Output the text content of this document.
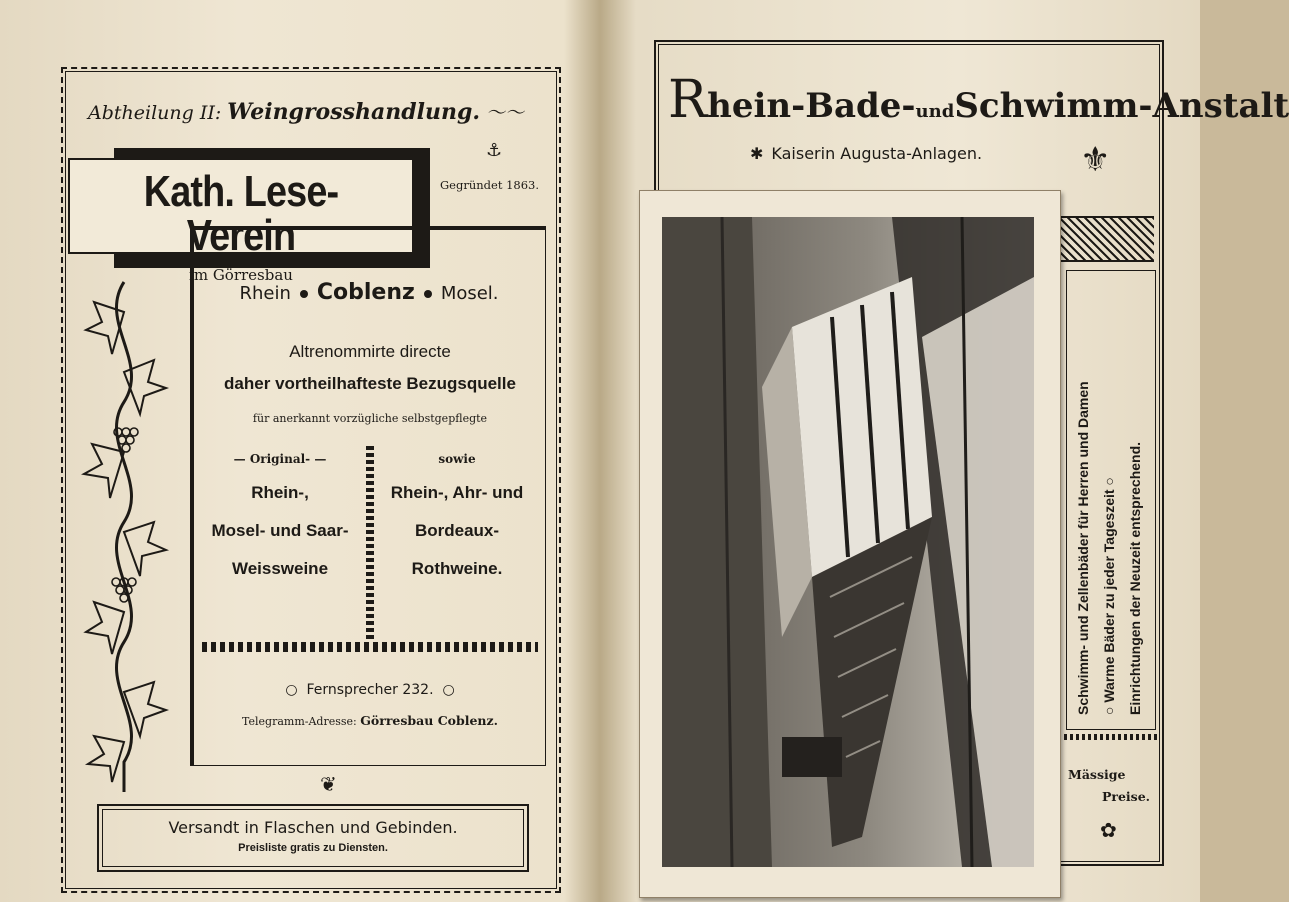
Abtheilung II: Weingrosshandlung. 〜〜
Kath. Lese-Verein
im Görresbau
⚓
Gegründet 1863.
Rhein Coblenz Mosel.
Altrenommirte directe
daher vortheilhafteste Bezugsquelle
für anerkannt vorzügliche selbstgepflegte
— Original- —
Rhein-,
Mosel- und Saar-
Weissweine
sowie
Rhein-, Ahr- und
Bordeaux-
Rothweine.
○ Fernsprecher 232. ○
Telegramm-Adresse: Görresbau Coblenz.
❦
Versandt in Flaschen und Gebinden.
Preisliste gratis zu Diensten.
Rhein-Bade-undSchwimm-Anstalt
✱ Kaiserin Augusta-Anlagen.	⚜
Schwimm- und Zellenbäder für Herren und Damen ○ Warme Bäder zu jeder Tageszeit ○ Einrichtungen der Neuzeit entsprechend.
Mässige
Preise.
✿
